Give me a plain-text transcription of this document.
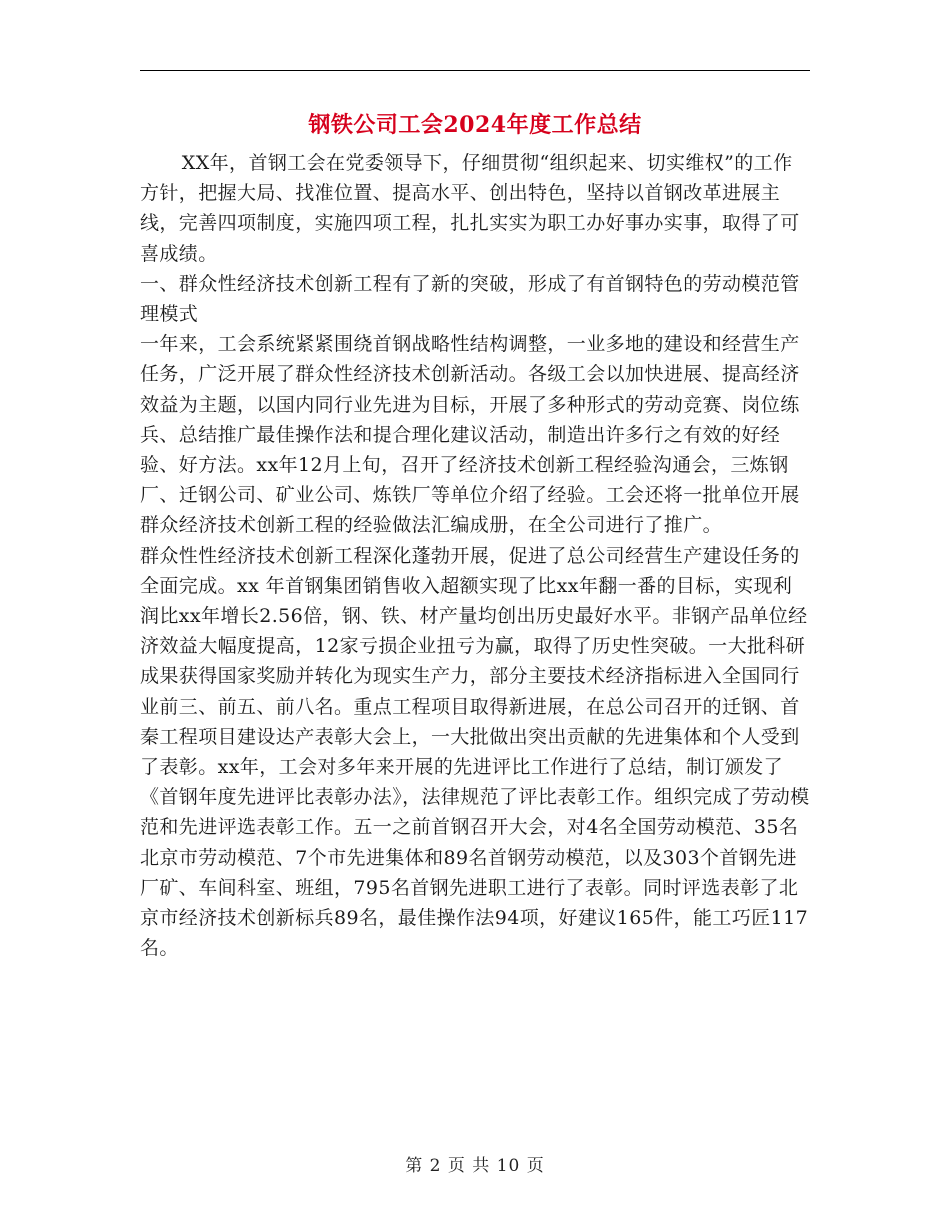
钢铁公司工会2024年度工作总结

XX年，首钢工会在党委领导下，仔细贯彻“组织起来、切实维权”的工作方针，把握大局、找准位置、提高水平、创出特色，坚持以首钢改革进展主线，完善四项制度，实施四项工程，扎扎实实为职工办好事办实事，取得了可喜成绩。

一、群众性经济技术创新工程有了新的突破，形成了有首钢特色的劳动模范管理模式

一年来，工会系统紧紧围绕首钢战略性结构调整，一业多地的建设和经营生产任务，广泛开展了群众性经济技术创新活动。各级工会以加快进展、提高经济效益为主题，以国内同行业先进为目标，开展了多种形式的劳动竞赛、岗位练兵、总结推广最佳操作法和提合理化建议活动，制造出许多行之有效的好经验、好方法。xx年12月上旬，召开了经济技术创新工程经验沟通会，三炼钢厂、迁钢公司、矿业公司、炼铁厂等单位介绍了经验。工会还将一批单位开展群众经济技术创新工程的经验做法汇编成册，在全公司进行了推广。

群众性性经济技术创新工程深化蓬勃开展，促进了总公司经营生产建设任务的全面完成。xx 年首钢集团销售收入超额实现了比xx年翻一番的目标，实现利润比xx年增长2.56倍，钢、铁、材产量均创出历史最好水平。非钢产品单位经济效益大幅度提高，12家亏损企业扭亏为赢，取得了历史性突破。一大批科研成果获得国家奖励并转化为现实生产力，部分主要技术经济指标进入全国同行业前三、前五、前八名。重点工程项目取得新进展，在总公司召开的迁钢、首秦工程项目建设达产表彰大会上，一大批做出突出贡献的先进集体和个人受到了表彰。xx年，工会对多年来开展的先进评比工作进行了总结，制订颁发了《首钢年度先进评比表彰办法》，法律规范了评比表彰工作。组织完成了劳动模范和先进评选表彰工作。五一之前首钢召开大会，对4名全国劳动模范、35名北京市劳动模范、7个市先进集体和89名首钢劳动模范，以及303个首钢先进厂矿、车间科室、班组，795名首钢先进职工进行了表彰。同时评选表彰了北京市经济技术创新标兵89名，最佳操作法94项，好建议165件，能工巧匠117名。

第 2 页 共 10 页
